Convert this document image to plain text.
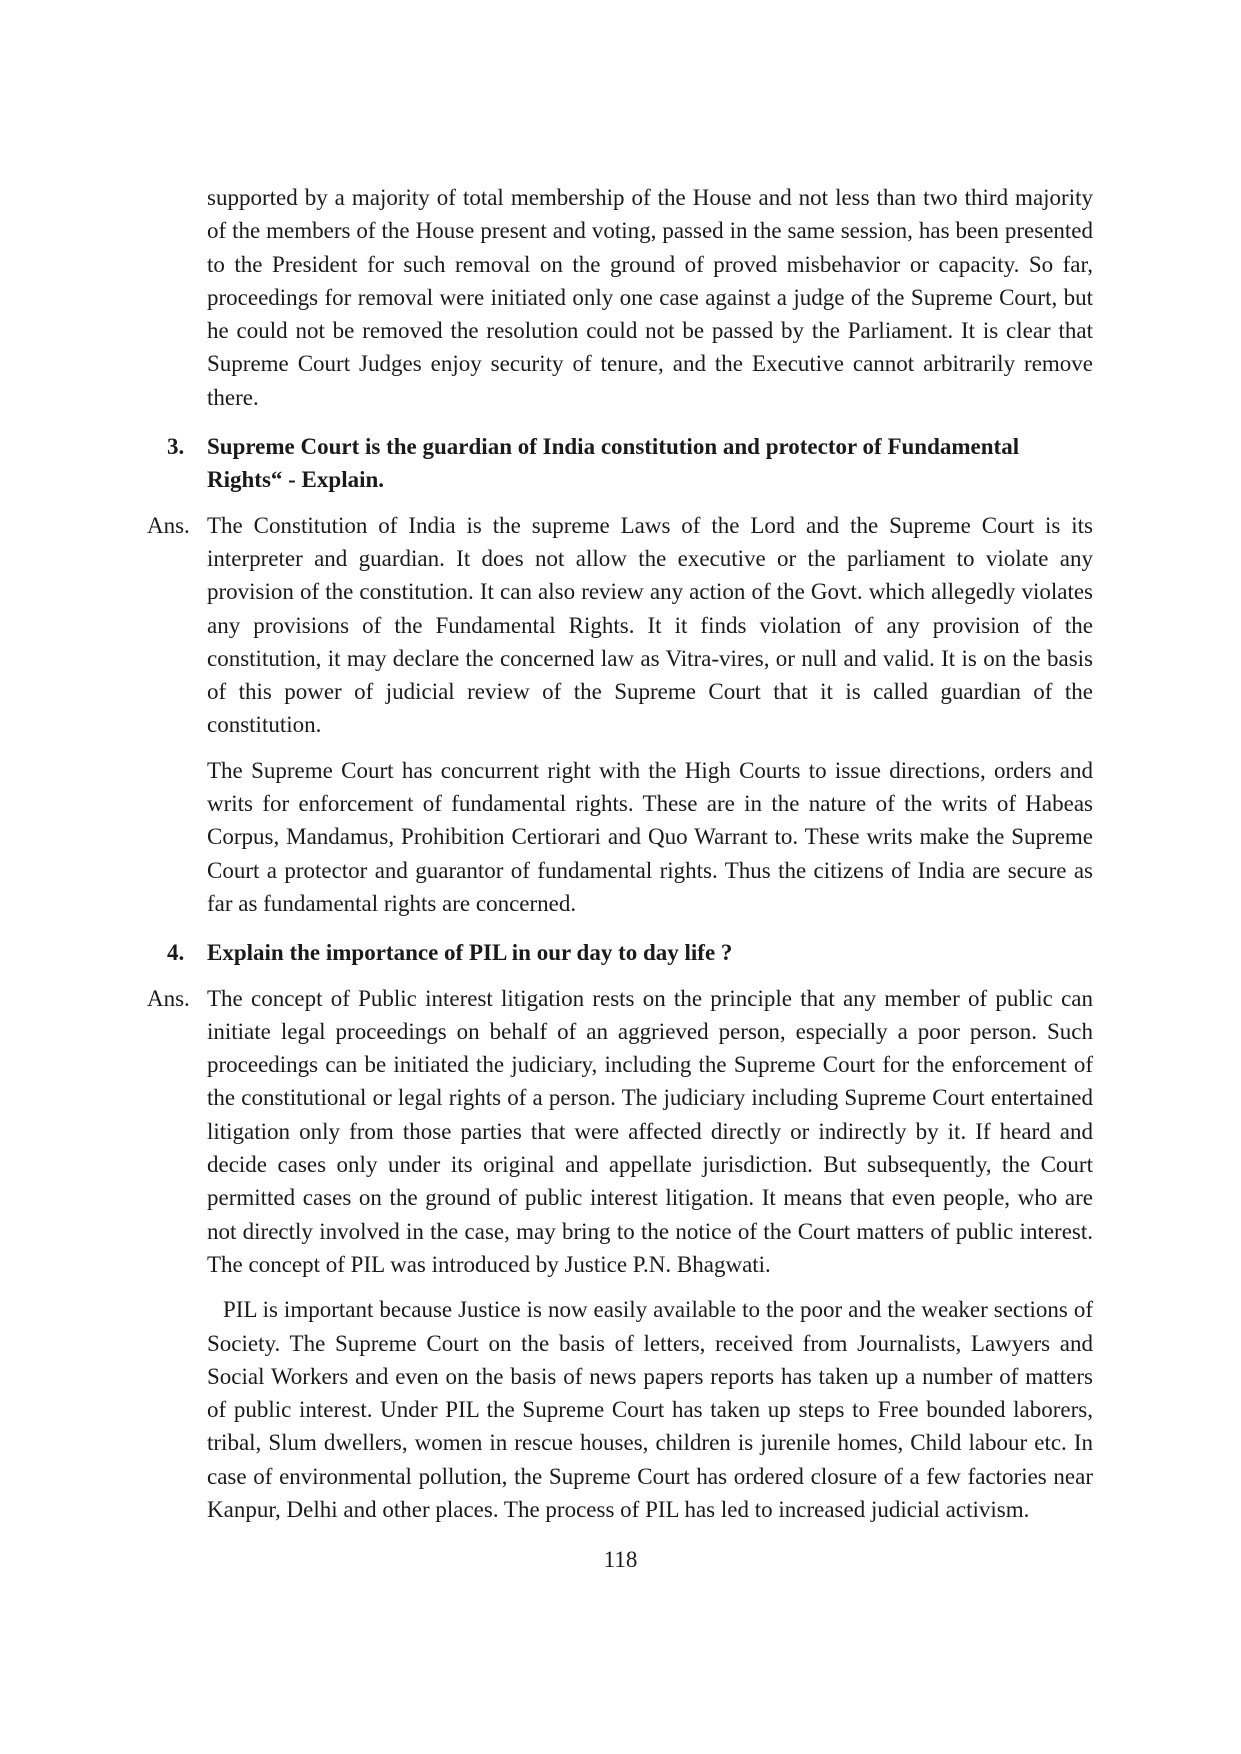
supported by a majority of total membership of the House and not less than two third majority of the members of the House present and voting, passed in the same session, has been presented to the President for such removal on the ground of proved misbehavior or capacity. So far, proceedings for removal were initiated only one case against a judge of the Supreme Court, but he could not be removed the resolution could not be passed by the Parliament. It is clear that Supreme Court Judges enjoy security of tenure, and the Executive cannot arbitrarily remove there.

3. Supreme Court is the guardian of India constitution and protector of Fundamental Rights“ - Explain.

Ans. The Constitution of India is the supreme Laws of the Lord and the Supreme Court is its interpreter and guardian. It does not allow the executive or the parliament to violate any provision of the constitution. It can also review any action of the Govt. which allegedly violates any provisions of the Fundamental Rights. It it finds violation of any provision of the constitution, it may declare the concerned law as Vitra-vires, or null and valid. It is on the basis of this power of judicial review of the Supreme Court that it is called guardian of the constitution.

The Supreme Court has concurrent right with the High Courts to issue directions, orders and writs for enforcement of fundamental rights. These are in the nature of the writs of Habeas Corpus, Mandamus, Prohibition Certiorari and Quo Warrant to. These writs make the Supreme Court a protector and guarantor of fundamental rights. Thus the citizens of India are secure as far as fundamental rights are concerned.

4. Explain the importance of PIL in our day to day life ?

Ans. The concept of Public interest litigation rests on the principle that any member of public can initiate legal proceedings on behalf of an aggrieved person, especially a poor person. Such proceedings can be initiated the judiciary, including the Supreme Court for the enforcement of the constitutional or legal rights of a person. The judiciary including Supreme Court entertained litigation only from those parties that were affected directly or indirectly by it. If heard and decide cases only under its original and appellate jurisdiction. But subsequently, the Court permitted cases on the ground of public interest litigation. It means that even people, who are not directly involved in the case, may bring to the notice of the Court matters of public interest. The concept of PIL was introduced by Justice P.N. Bhagwati.

PIL is important because Justice is now easily available to the poor and the weaker sections of Society. The Supreme Court on the basis of letters, received from Journalists, Lawyers and Social Workers and even on the basis of news papers reports has taken up a number of matters of public interest. Under PIL the Supreme Court has taken up steps to Free bounded laborers, tribal, Slum dwellers, women in rescue houses, children is jurenile homes, Child labour etc. In case of environmental pollution, the Supreme Court has ordered closure of a few factories near Kanpur, Delhi and other places. The process of PIL has led to increased judicial activism.

118
